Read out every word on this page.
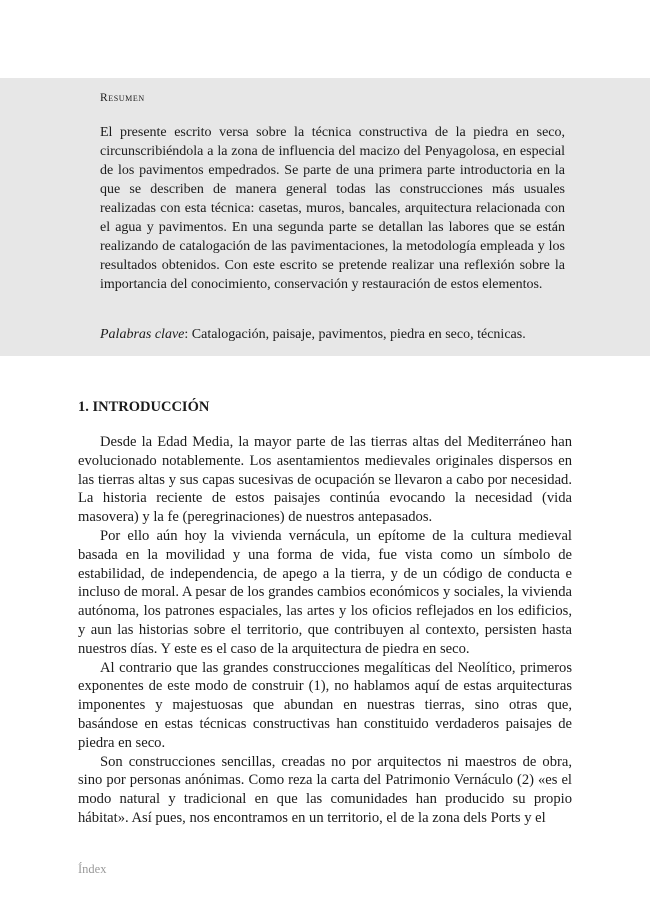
Resumen

El presente escrito versa sobre la técnica constructiva de la piedra en seco, circunscribiéndola a la zona de influencia del macizo del Penyagolosa, en especial de los pavimentos empedrados. Se parte de una primera parte introductoria en la que se describen de manera general todas las construcciones más usuales realizadas con esta técnica: casetas, muros, bancales, arquitectura relacionada con el agua y pavimentos. En una segunda parte se detallan las labores que se están realizando de catalogación de las pavimentaciones, la metodología empleada y los resultados obtenidos. Con este escrito se pretende realizar una reflexión sobre la importancia del conocimiento, conservación y restauración de estos elementos.

Palabras clave: Catalogación, paisaje, pavimentos, piedra en seco, técnicas.
1. INTRODUCCIÓN

Desde la Edad Media, la mayor parte de las tierras altas del Mediterráneo han evolucionado notablemente. Los asentamientos medievales originales dispersos en las tierras altas y sus capas sucesivas de ocupación se llevaron a cabo por necesidad. La historia reciente de estos paisajes continúa evocando la necesidad (vida masovera) y la fe (peregrinaciones) de nuestros antepasados.

Por ello aún hoy la vivienda vernácula, un epítome de la cultura medieval basada en la movilidad y una forma de vida, fue vista como un símbolo de estabilidad, de independencia, de apego a la tierra, y de un código de conducta e incluso de moral. A pesar de los grandes cambios económicos y sociales, la vivienda autónoma, los patrones espaciales, las artes y los oficios reflejados en los edificios, y aun las historias sobre el territorio, que contribuyen al contexto, persisten hasta nuestros días. Y este es el caso de la arquitectura de piedra en seco.

Al contrario que las grandes construcciones megalíticas del Neolítico, primeros exponentes de este modo de construir (1), no hablamos aquí de estas arquitecturas imponentes y majestuosas que abundan en nuestras tierras, sino otras que, basándose en estas técnicas constructivas han constituido verdaderos paisajes de piedra en seco.

Son construcciones sencillas, creadas no por arquitectos ni maestros de obra, sino por personas anónimas. Como reza la carta del Patrimonio Vernáculo (2) «es el modo natural y tradicional en que las comunidades han producido su propio hábitat». Así pues, nos encontramos en un territorio, el de la zona dels Ports y el

Índex
